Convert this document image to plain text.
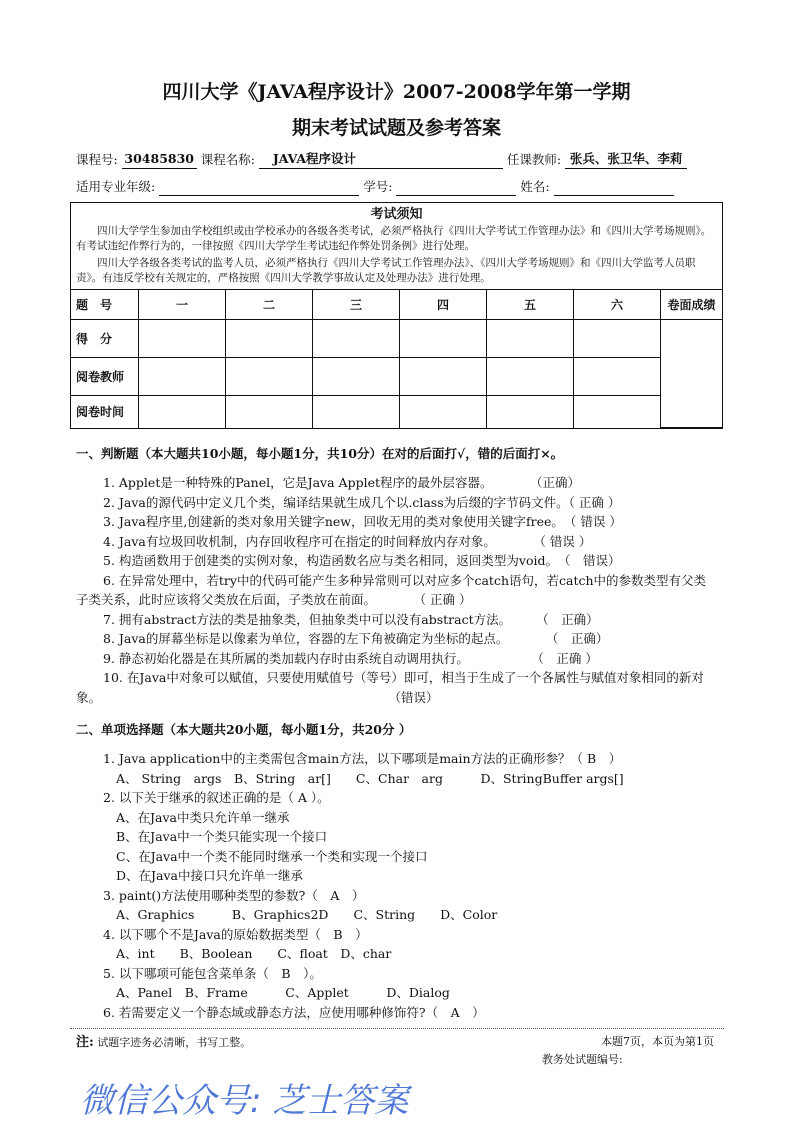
四川大学《JAVA程序设计》2007-2008学年第一学期
期末考试试题及参考答案
课程号: 30485830 课程名称: JAVA程序设计	任课教师: 张兵、张卫华、李莉
适用专业年级:	学号:	姓名:
考试须知
四川大学学生参加由学校组织或由学校承办的各级各类考试，必须严格执行《四川大学考试工作管理办法》和《四川大学考场规则》。有考试违纪作弊行为的，一律按照《四川大学学生考试违纪作弊处罚条例》进行处理。
四川大学各级各类考试的监考人员，必须严格执行《四川大学考试工作管理办法》、《四川大学考场规则》和《四川大学监考人员职责》。有违反学校有关规定的，严格按照《四川大学教学事故认定及处理办法》进行处理。
题　号	一	二	三	四	五	六	卷面成绩
得　分							
阅卷教师							
阅卷时间							
一、判断题（本大题共10小题，每小题1分，共10分）在对的后面打√，错的后面打×。
1. Applet是一种特殊的Panel，它是Java Applet程序的最外层容器。　　　　（正确）
2. Java的源代码中定义几个类，编译结果就生成几个以.class为后缀的字节码文件。（ 正确 ）
3. Java程序里,创建新的类对象用关键字new，回收无用的类对象使用关键字free。　（ 错误 ）
4. Java有垃圾回收机制，内存回收程序可在指定的时间释放内存对象。　　　　（ 错误 ）
5. 构造函数用于创建类的实例对象，构造函数名应与类名相同，返回类型为void。　（　错误）
6. 在异常处理中，若try中的代码可能产生多种异常则可以对应多个catch语句，若catch中的参数类型有父类
子类关系，此时应该将父类放在后面，子类放在前面。　　　　（ 正确 ）
7. 拥有abstract方法的类是抽象类，但抽象类中可以没有abstract方法。　　　（　正确）
8. Java的屏幕坐标是以像素为单位，容器的左下角被确定为坐标的起点。　　　　（　正确）
9. 静态初始化器是在其所属的类加载内存时由系统自动调用执行。　　　　　　（　正确 ）
10. 在Java中对象可以赋值，只要使用赋值号（等号）即可，相当于生成了一个各属性与赋值对象相同的新对
象。　　　　　　　　　　　　　　　　　　　　　　　　（错误）
二、单项选择题（本大题共20小题，每小题1分，共20分 ）
1. Java application中的主类需包含main方法，以下哪项是main方法的正确形参？（ B　）
A、 String　args　B、String　ar[]　　C、Char　arg　　　D、StringBuffer args[]
2. 以下关于继承的叙述正确的是（ A ）。
A、在Java中类只允许单一继承
B、在Java中一个类只能实现一个接口
C、在Java中一个类不能同时继承一个类和实现一个接口
D、在Java中接口只允许单一继承
3. paint()方法使用哪种类型的参数?（　A　）
A、Graphics　　　B、Graphics2D　　C、String　　D、Color
4. 以下哪个不是Java的原始数据类型（　B　）
A、int　　B、Boolean　　C、float　D、char
5. 以下哪项可能包含菜单条（　B　）。
A、Panel　B、Frame　　　C、Applet　　　D、Dialog
6. 若需要定义一个静态域或静态方法，应使用哪种修饰符?（　A　）
注: 试题字迹务必清晰，书写工整。	本题7页，本页为第1页
教务处试题编号:
微信公众号: 芝士答案
